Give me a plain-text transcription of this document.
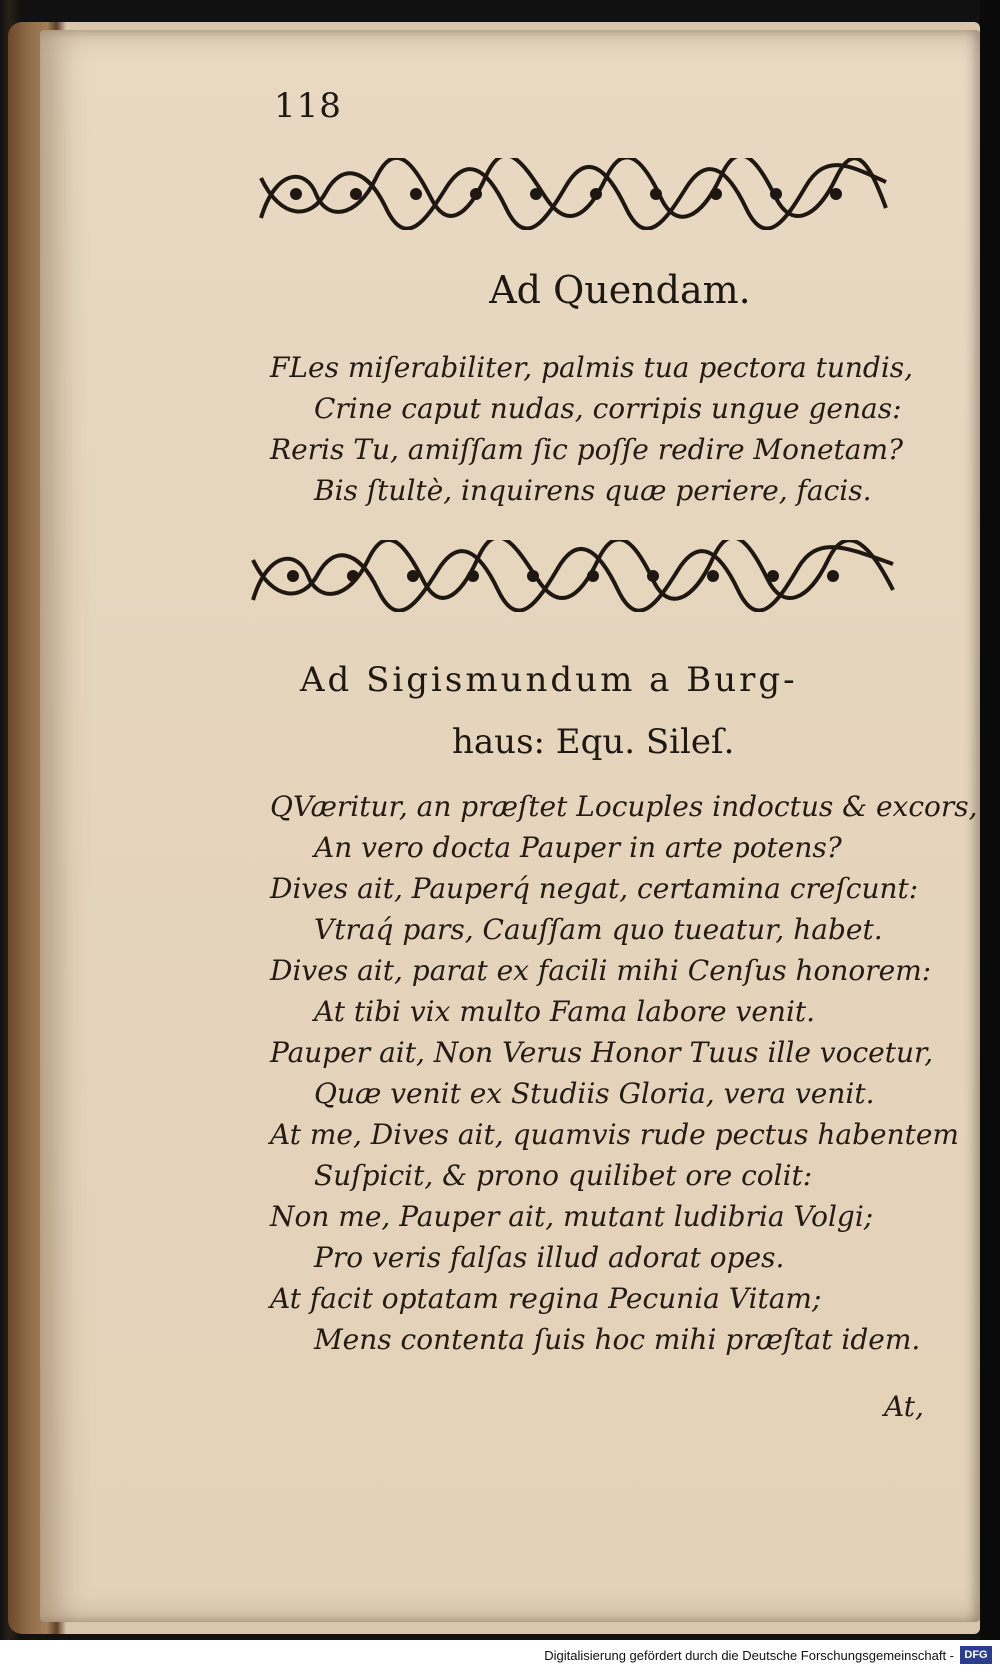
118
Ad Quendam.
FLes miſerabiliter, palmis tua pectora tundis,
Crine caput nudas, corripis ungue genas:
Reris Tu, amiſſam ſic poſſe redire Monetam?
Bis ſtultè, inquirens quæ periere, facis.
Ad Sigismundum a Burg-
haus: Equ. Sileſ.
QVæritur, an præſtet Locuples indoctus & excors,
An vero docta Pauper in arte potens?
Dives ait, Pauperq́ negat, certamina creſcunt:
Vtraq́ pars, Cauſſam quo tueatur, habet.
Dives ait, parat ex facili mihi Cenſus honorem:
At tibi vix multo Fama labore venit.
Pauper ait, Non Verus Honor Tuus ille vocetur,
Quæ venit ex Studiis Gloria, vera venit.
At me, Dives ait, quamvis rude pectus habentem
Suſpicit, & prono quilibet ore colit:
Non me, Pauper ait, mutant ludibria Volgi;
Pro veris falſas illud adorat opes.
At facit optatam regina Pecunia Vitam;
Mens contenta ſuis hoc mihi præſtat idem.
At,
Digitalisierung gefördert durch die Deutsche Forschungsgemeinschaft - DFG
